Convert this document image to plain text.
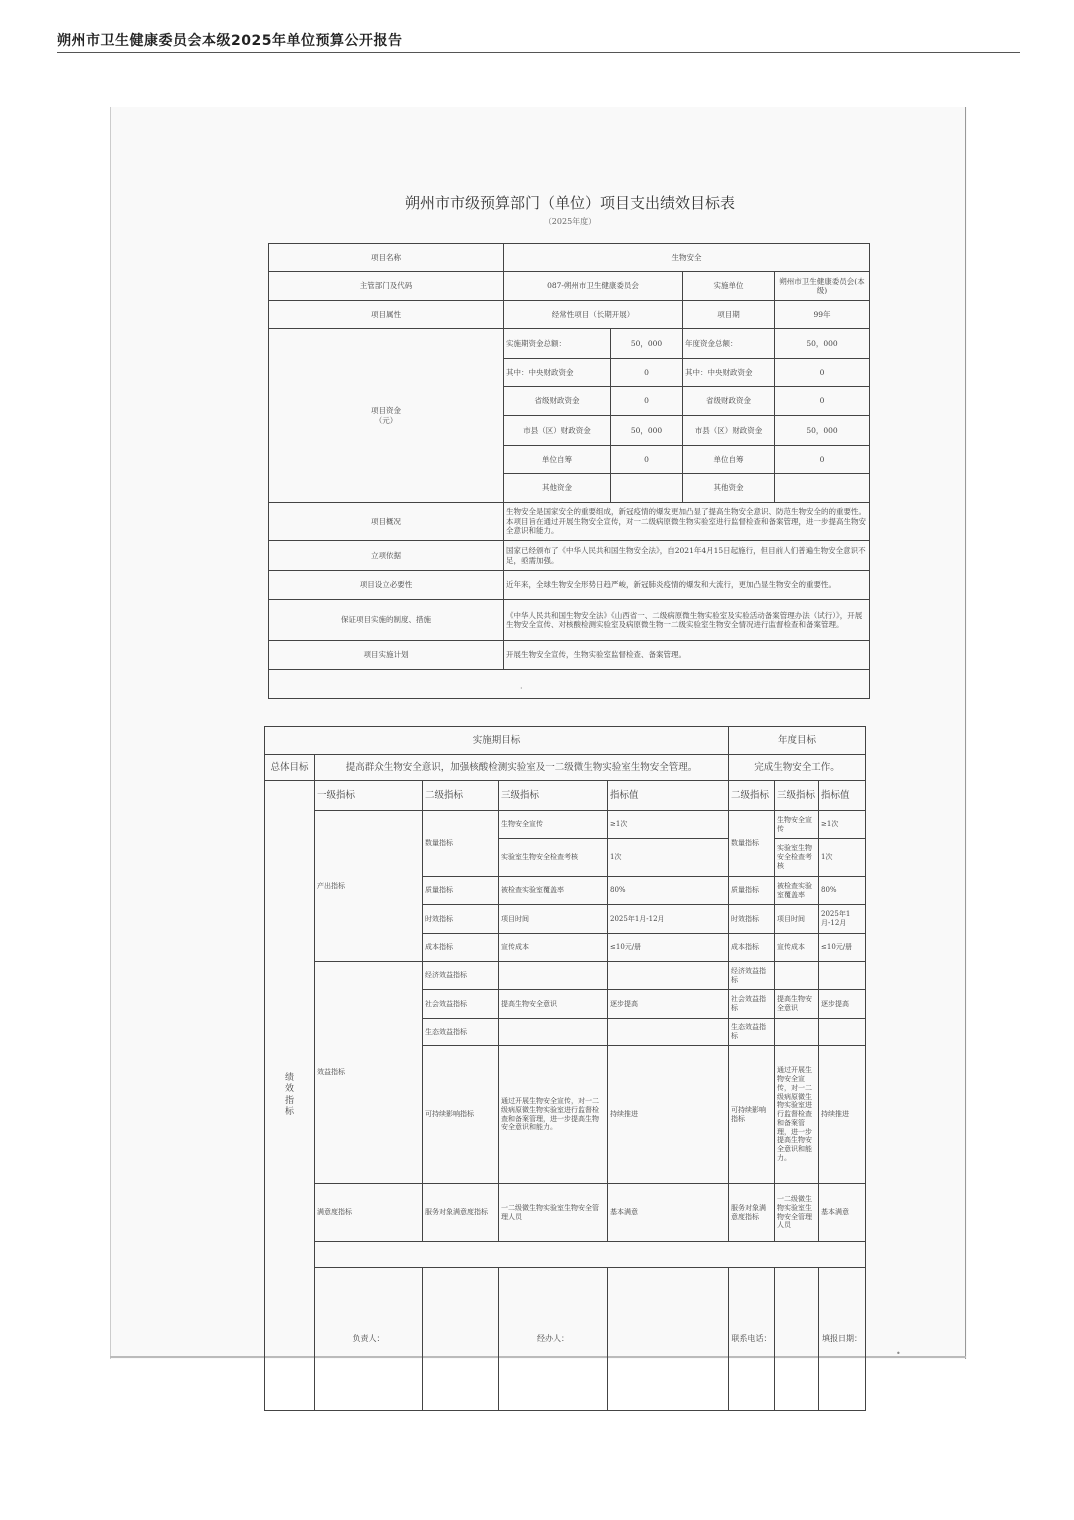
朔州市卫生健康委员会本级2025年单位预算公开报告
朔州市市级预算部门（单位）项目支出绩效目标表
（2025年度）
项目名称	生物安全			
主管部门及代码	087-朔州市卫生健康委员会		实施单位	朔州市卫生健康委员会(本级)
项目属性	经常性项目（长期开展）		项目期	99年
项目资金
（元）	实施期资金总额：	50，000	年度资金总额：	50，000
	其中：中央财政资金	0	其中：中央财政资金	0
	省级财政资金	0	省级财政资金	0
	市县（区）财政资金	50，000	市县（区）财政资金	50，000
	单位自筹	0	单位自筹	0
	其他资金		其他资金	
项目概况	生物安全是国家安全的重要组成，新冠疫情的爆发更加凸显了提高生物安全意识、防范生物安全的的重要性。本项目旨在通过开展生物安全宣传，对一二级病原微生物实验室进行监督检查和备案管理，进一步提高生物安全意识和能力。			
立项依据	国家已经颁布了《中华人民共和国生物安全法》，自2021年4月15日起施行，但目前人们普遍生物安全意识不足，亟需加强。			
项目设立必要性	近年来，全球生物安全形势日趋严峻，新冠肺炎疫情的爆发和大流行，更加凸显生物安全的重要性。			
保证项目实施的制度、措施	《中华人民共和国生物安全法》《山西省一、二级病原微生物实验室及实验活动备案管理办法（试行）》，开展生物安全宣传、对核酸检测实验室及病原微生物一二级实验室生物安全情况进行监督检查和备案管理。			
项目实施计划	开展生物安全宣传，生物实验室监督检查、备案管理。			

·
实施期目标					年度目标			
总体目标	提高群众生物安全意识，加强核酸检测实验室及一二级微生物实验室生物安全管理。				完成生物安全工作。			
绩
效
指
标	一级指标	二级指标	三级指标	指标值	二级指标	三级指标	指标值	
	产出指标	数量指标	生物安全宣传	≥1次	数量指标	生物安全宣传	≥1次	
			实验室生物安全检查考核	1次		实验室生物安全检查考核	1次	
		质量指标	被检查实验室覆盖率	80%	质量指标	被检查实验室覆盖率	80%	
		时效指标	项目时间	2025年1月-12月	时效指标	项目时间	2025年1月-12月	
		成本指标	宣传成本	≤10元/册	成本指标	宣传成本	≤10元/册	
	效益指标	经济效益指标			经济效益指标			
		社会效益指标	提高生物安全意识	逐步提高	社会效益指标	提高生物安全意识	逐步提高	
		生态效益指标			生态效益指标			
		可持续影响指标	通过开展生物安全宣传，对一二级病原微生物实验室进行监督检查和备案管理，进一步提高生物安全意识和能力。	持续推进	可持续影响指标	通过开展生物安全宣传，对一二级病原微生物实验室进行监督检查和备案管理，进一步提高生物安全意识和能力。	持续推进	
	满意度指标	服务对象满意度指标	一二级微生物实验室生物安全管理人员	基本满意	服务对象满意度指标	一二级微生物实验室生物安全管理人员	基本满意	

	负责人：		经办人：		联系电话：		填报日期：	
•
